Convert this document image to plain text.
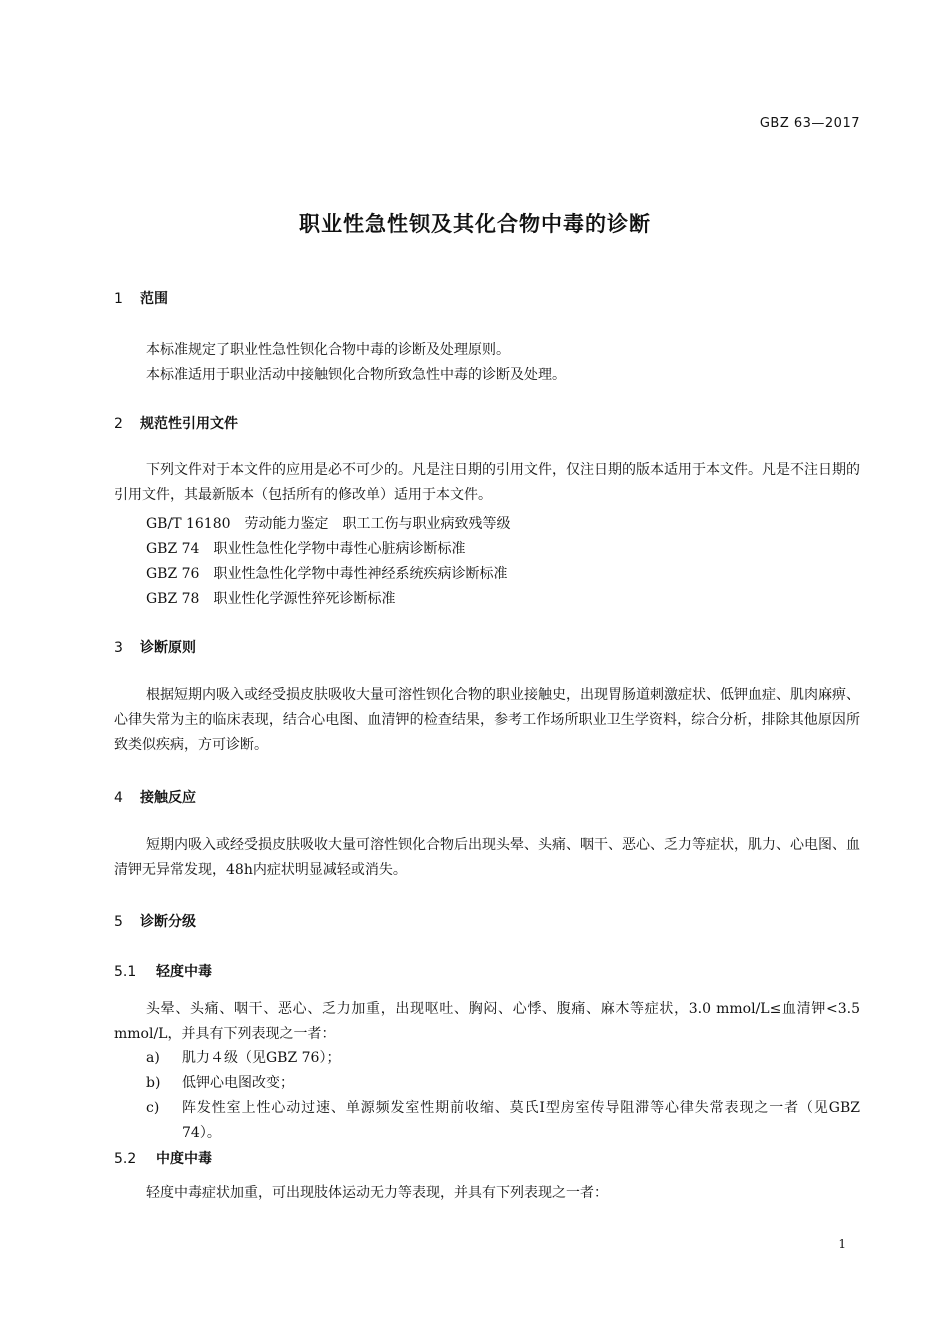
GBZ 63—2017
职业性急性钡及其化合物中毒的诊断
1 范围
本标准规定了职业性急性钡化合物中毒的诊断及处理原则。
本标准适用于职业活动中接触钡化合物所致急性中毒的诊断及处理。
2 规范性引用文件

下列文件对于本文件的应用是必不可少的。凡是注日期的引用文件，仅注日期的版本适用于本文件。凡是不注日期的引用文件，其最新版本（包括所有的修改单）适用于本文件。

GB/T 16180　劳动能力鉴定　职工工伤与职业病致残等级
GBZ 74　职业性急性化学物中毒性心脏病诊断标准
GBZ 76　职业性急性化学物中毒性神经系统疾病诊断标准
GBZ 78　职业性化学源性猝死诊断标准
3 诊断原则

根据短期内吸入或经受损皮肤吸收大量可溶性钡化合物的职业接触史，出现胃肠道刺激症状、低钾血症、肌肉麻痹、心律失常为主的临床表现，结合心电图、血清钾的检查结果，参考工作场所职业卫生学资料，综合分析，排除其他原因所致类似疾病，方可诊断。

4 接触反应

短期内吸入或经受损皮肤吸收大量可溶性钡化合物后出现头晕、头痛、咽干、恶心、乏力等症状，肌力、心电图、血清钾无异常发现，48h内症状明显减轻或消失。

5 诊断分级
5.1 轻度中毒

头晕、头痛、咽干、恶心、乏力加重，出现呕吐、胸闷、心悸、腹痛、麻木等症状，3.0 mmol/L≤血清钾<3.5 mmol/L，并具有下列表现之一者：

a) 肌力４级（见GBZ 76）；
b) 低钾心电图改变；
c) 阵发性室上性心动过速、单源频发室性期前收缩、莫氏Ⅰ型房室传导阻滞等心律失常表现之一者（见GBZ 74）。
5.2 中度中毒

轻度中毒症状加重，可出现肢体运动无力等表现，并具有下列表现之一者：

1
